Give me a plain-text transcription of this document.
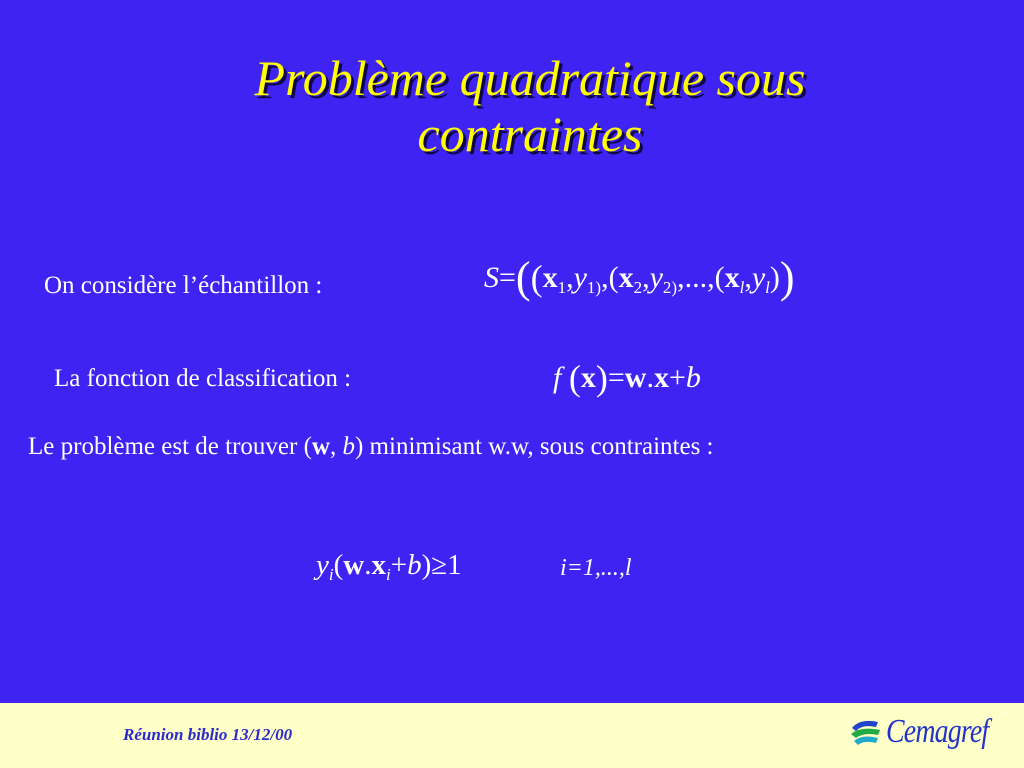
Problème quadratique sous
contraintes
On considère l’échantillon :	$S=((x_1,y_{1)},(x_2,y_{2)},...,(x_l,y_l))$
La fonction de classification :	f (x)=w.x+b
Le problème est de trouver (w, b) minimisant w.w, sous contraintes :
$y_i(w.x_i+b)\ge 1$	i=1,...,l
Réunion biblio 13/12/00	Cemagref
